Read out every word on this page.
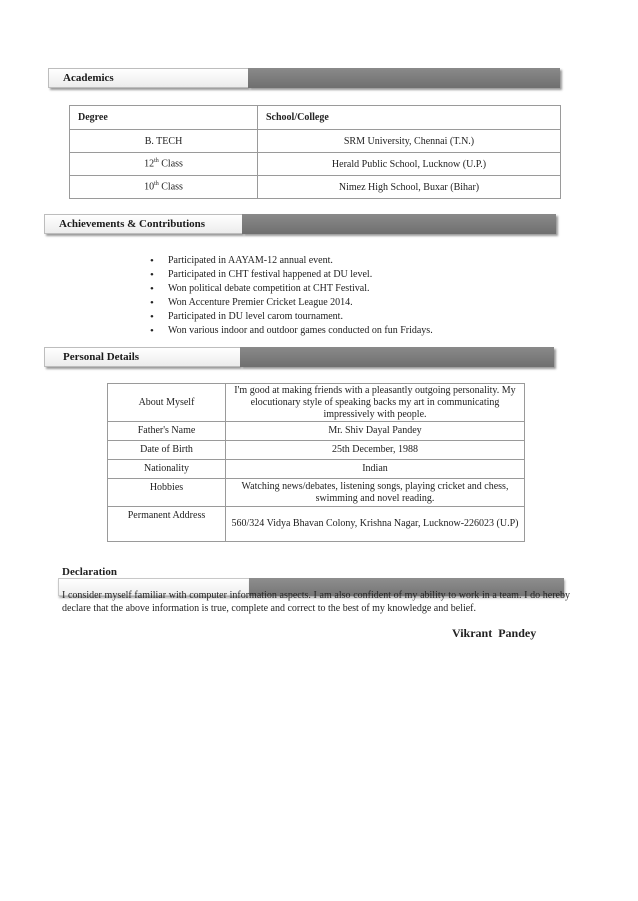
Academics
Degree	School/College
B. TECH	SRM University, Chennai (T.N.)
12th Class	Herald Public School, Lucknow (U.P.)
10th Class	Nimez High School, Buxar (Bihar)
Achievements & Contributions
• Participated in AAYAM-12 annual event.
• Participated in CHT festival happened at DU level.
• Won political debate competition at CHT Festival.
• Won Accenture Premier Cricket League 2014.
• Participated in DU level carom tournament.
• Won various indoor and outdoor games conducted on fun Fridays.
Personal Details
About Myself	I'm good at making friends with a pleasantly outgoing personality. My elocutionary style of speaking backs my art in communicating impressively with people.
Father's Name	Mr. Shiv Dayal Pandey
Date of Birth	25th December, 1988
Nationality	Indian
Hobbies	Watching news/debates, listening songs, playing cricket and chess, swimming and novel reading.
Permanent Address	560/324 Vidya Bhavan Colony, Krishna Nagar, Lucknow-226023 (U.P)
Declaration
I consider myself familiar with computer information aspects. I am also confident of my ability to work in a team. I do hereby declare that the above information is true, complete and correct to the best of my knowledge and belief.
Vikrant  Pandey
